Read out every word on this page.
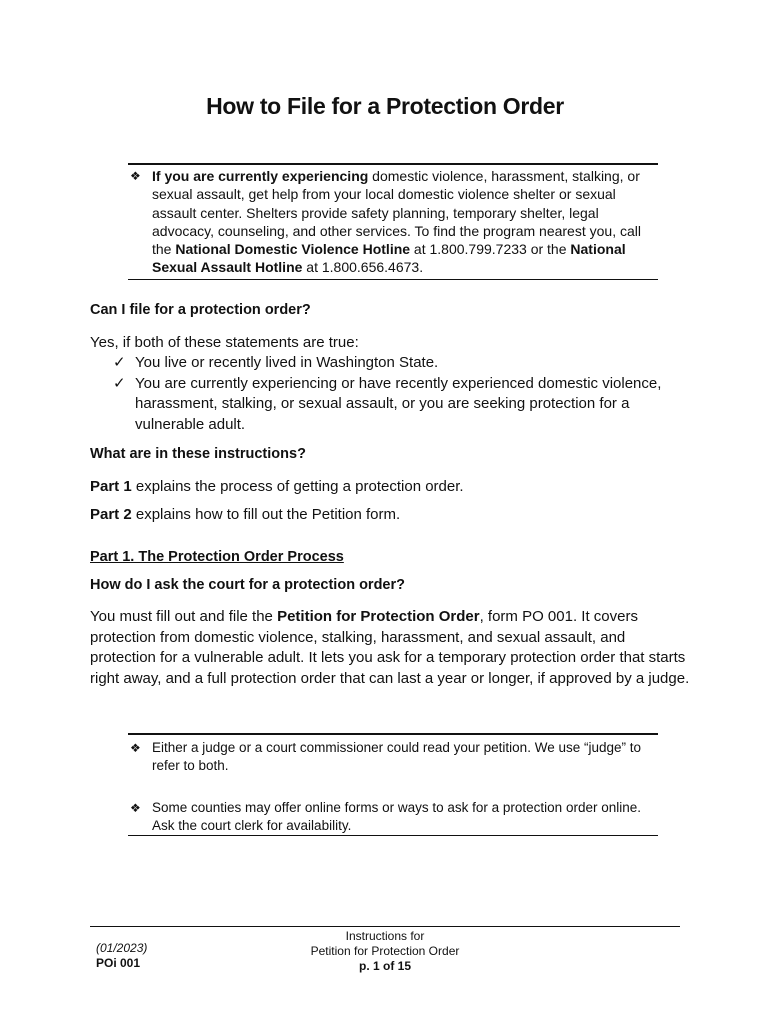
How to File for a Protection Order
❖ If you are currently experiencing domestic violence, harassment, stalking, or sexual assault, get help from your local domestic violence shelter or sexual assault center. Shelters provide safety planning, temporary shelter, legal advocacy, counseling, and other services. To find the program nearest you, call the National Domestic Violence Hotline at 1.800.799.7233 or the National Sexual Assault Hotline at 1.800.656.4673.
Can I file for a protection order?

Yes, if both of these statements are true:

✓ You live or recently lived in Washington State.
✓ You are currently experiencing or have recently experienced domestic violence, harassment, stalking, or sexual assault, or you are seeking protection for a vulnerable adult.
What are in these instructions?

Part 1 explains the process of getting a protection order.

Part 2 explains how to fill out the Petition form.

Part 1. The Protection Order Process
How do I ask the court for a protection order?

You must fill out and file the Petition for Protection Order, form PO 001. It covers protection from domestic violence, stalking, harassment, and sexual assault, and protection for a vulnerable adult. It lets you ask for a temporary protection order that starts right away, and a full protection order that can last a year or longer, if approved by a judge.

❖ Either a judge or a court commissioner could read your petition. We use “judge” to refer to both.
❖ Some counties may offer online forms or ways to ask for a protection order online. Ask the court clerk for availability.
(01/2023)
POi 001
Instructions for
Petition for Protection Order
p. 1 of 15
